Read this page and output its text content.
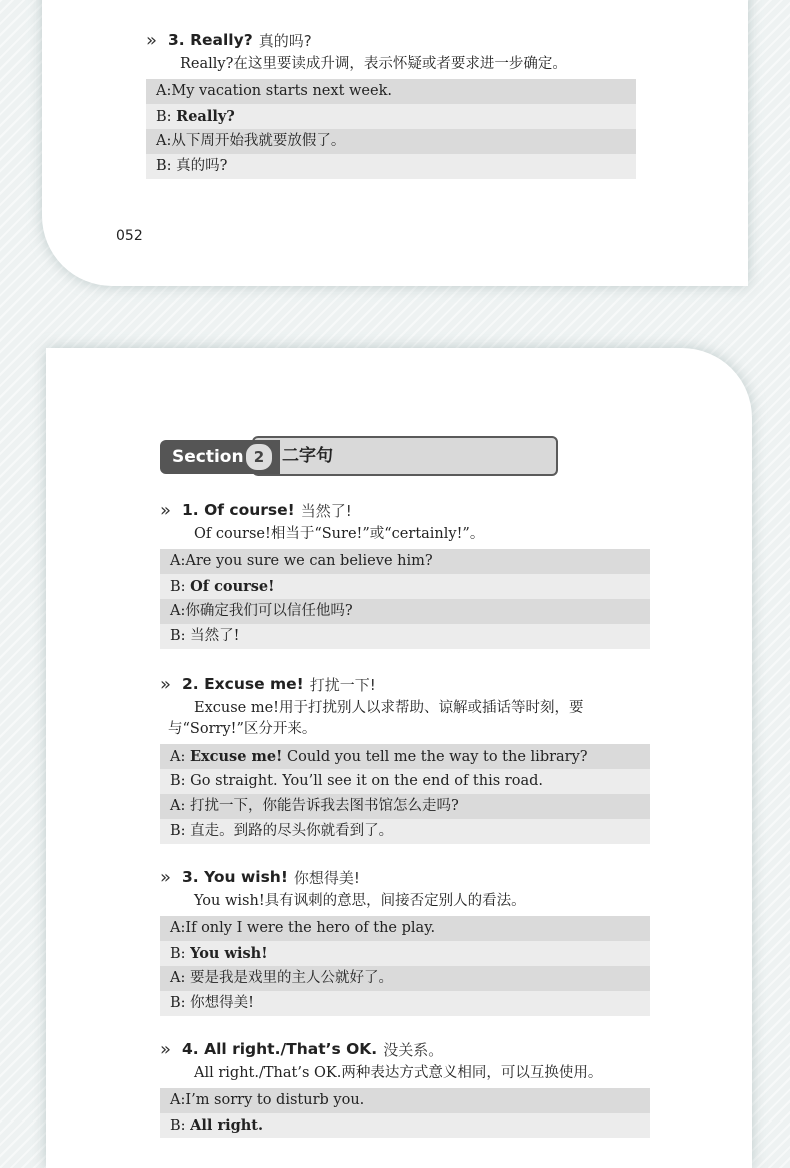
» 3. Really? 真的吗?
Really?在这里要读成升调，表示怀疑或者要求进一步确定。
A:My vacation starts next week.
B: Really?
A:从下周开始我就要放假了。
B: 真的吗?
052
Section 2	二字句
» 1. Of course! 当然了!
Of course!相当于“Sure!”或“certainly!”。
A:Are you sure we can believe him?
B: Of course!
A:你确定我们可以信任他吗?
B: 当然了!
» 2. Excuse me! 打扰一下!
Excuse me!用于打扰别人以求帮助、谅解或插话等时刻，要与“Sorry!”区分开来。
A: Excuse me! Could you tell me the way to the library?
B: Go straight. You’ll see it on the end of this road.
A: 打扰一下，你能告诉我去图书馆怎么走吗?
B: 直走。到路的尽头你就看到了。
» 3. You wish! 你想得美!
You wish!具有讽刺的意思，间接否定别人的看法。
A:If only I were the hero of the play.
B: You wish!
A: 要是我是戏里的主人公就好了。
B: 你想得美!
» 4. All right./That’s OK. 没关系。
All right./That’s OK.两种表达方式意义相同，可以互换使用。
A:I’m sorry to disturb you.
B: All right.
